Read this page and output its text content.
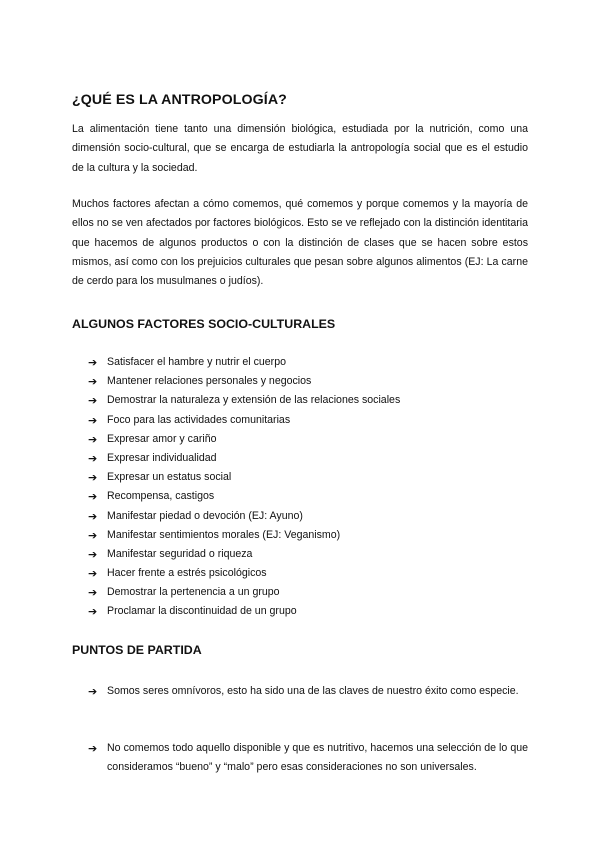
¿QUÉ ES LA ANTROPOLOGÍA?

La alimentación tiene tanto una dimensión biológica, estudiada por la nutrición, como una dimensión socio-cultural, que se encarga de estudiarla la antropología social que es el estudio de la cultura y la sociedad.

Muchos factores afectan a cómo comemos, qué comemos y porque comemos y la mayoría de ellos no se ven afectados por factores biológicos. Esto se ve reflejado con la distinción identitaria que hacemos de algunos productos o con la distinción de clases que se hacen sobre estos mismos, así como con los prejuicios culturales que pesan sobre algunos alimentos (EJ: La carne de cerdo para los musulmanes o judíos).

ALGUNOS FACTORES SOCIO-CULTURALES
➔ Satisfacer el hambre y nutrir el cuerpo
➔ Mantener relaciones personales y negocios
➔ Demostrar la naturaleza y extensión de las relaciones sociales
➔ Foco para las actividades comunitarias
➔ Expresar amor y cariño
➔ Expresar individualidad
➔ Expresar un estatus social
➔ Recompensa, castigos
➔ Manifestar piedad o devoción (EJ: Ayuno)
➔ Manifestar sentimientos morales (EJ: Veganismo)
➔ Manifestar seguridad o riqueza
➔ Hacer frente a estrés psicológicos
➔ Demostrar la pertenencia a un grupo
➔ Proclamar la discontinuidad de un grupo
PUNTOS DE PARTIDA
➔ Somos seres omnívoros, esto ha sido una de las claves de nuestro éxito como especie.

➔ No comemos todo aquello disponible y que es nutritivo, hacemos una selección de lo que consideramos “bueno” y “malo” pero esas consideraciones no son universales.
